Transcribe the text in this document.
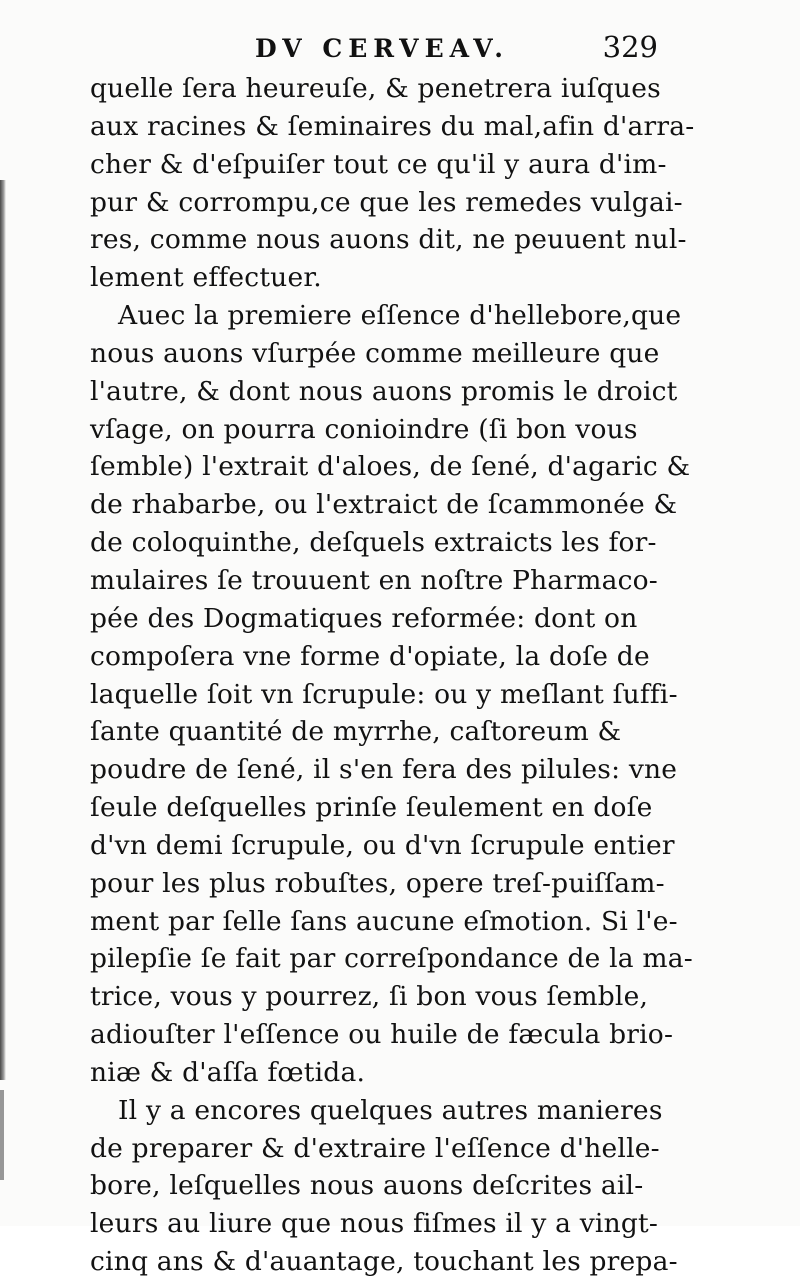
DV CERVEAV.	329
quelle ſera heureuſe, & penetrera iuſques
aux racines & ſeminaires du mal,afin d'arra-
cher & d'eſpuiſer tout ce qu'il y aura d'im-
pur & corrompu,ce que les remedes vulgai-
res, comme nous auons dit, ne peuuent nul-
lement effectuer.
Auec la premiere eſſence d'hellebore,que
nous auons vſurpée comme meilleure que
l'autre, & dont nous auons promis le droict
vſage, on pourra conioindre (ſi bon vous
ſemble) l'extrait d'aloes, de ſené, d'agaric &
de rhabarbe, ou l'extraict de ſcammonée &
de coloquinthe, deſquels extraicts les for-
mulaires ſe trouuent en noſtre Pharmaco-
pée des Dogmatiques reformée: dont on
compoſera vne forme d'opiate, la doſe de
laquelle ſoit vn ſcrupule: ou y meſlant ſuffi-
ſante quantité de myrrhe, caſtoreum &
poudre de ſené, il s'en fera des pilules: vne
ſeule deſquelles prinſe ſeulement en doſe
d'vn demi ſcrupule, ou d'vn ſcrupule entier
pour les plus robuſtes, opere treſ-puiſſam-
ment par ſelle ſans aucune eſmotion. Si l'e-
pilepſie ſe fait par correſpondance de la ma-
trice, vous y pourrez, ſi bon vous ſemble,
adiouſter l'eſſence ou huile de fæcula brio-
niæ & d'aſſa fœtida.
Il y a encores quelques autres manieres
de preparer & d'extraire l'eſſence d'helle-
bore, leſquelles nous auons deſcrites ail-
leurs au liure que nous fiſmes il y a vingt-
cinq ans & d'auantage, touchant les prepa-
